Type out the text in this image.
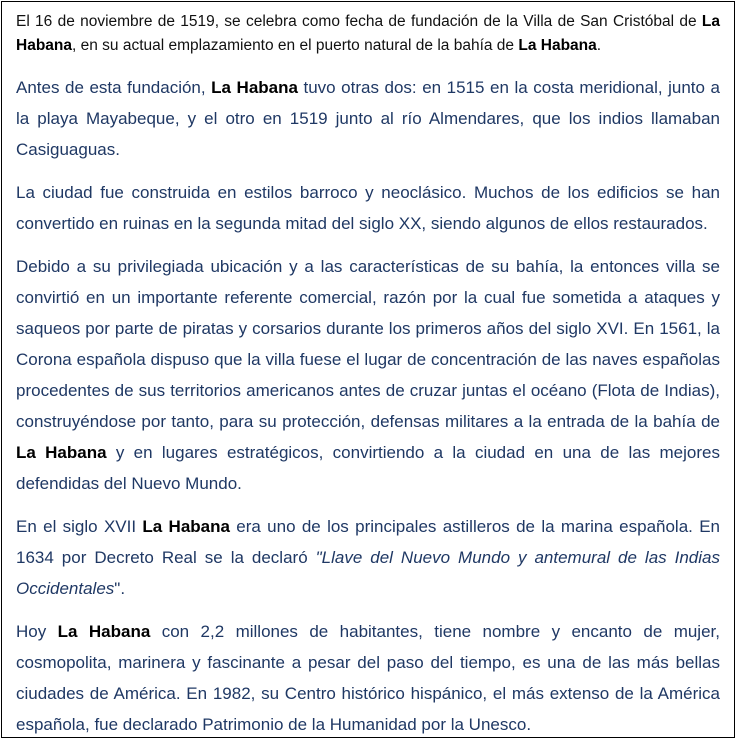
El 16 de noviembre de 1519, se celebra como fecha de fundación de la Villa de San Cristóbal de La Habana, en su actual emplazamiento en el puerto natural de la bahía de La Habana.

Antes de esta fundación, La Habana tuvo otras dos: en 1515 en la costa meridional, junto a la playa Mayabeque, y el otro en 1519 junto al río Almendares, que los indios llamaban Casiguaguas.

La ciudad fue construida en estilos barroco y neoclásico. Muchos de los edificios se han convertido en ruinas en la segunda mitad del siglo XX, siendo algunos de ellos restaurados.

Debido a su privilegiada ubicación y a las características de su bahía, la entonces villa se convirtió en un importante referente comercial, razón por la cual fue sometida a ataques y saqueos por parte de piratas y corsarios durante los primeros años del siglo XVI. En 1561, la Corona española dispuso que la villa fuese el lugar de concentración de las naves españolas procedentes de sus territorios americanos antes de cruzar juntas el océano (Flota de Indias), construyéndose por tanto, para su protección, defensas militares a la entrada de la bahía de La Habana y en lugares estratégicos, convirtiendo a la ciudad en una de las mejores defendidas del Nuevo Mundo.

En el siglo XVII La Habana era uno de los principales astilleros de la marina española. En 1634 por Decreto Real se la declaró "Llave del Nuevo Mundo y antemural de las Indias Occidentales".

Hoy La Habana con 2,2 millones de habitantes, tiene nombre y encanto de mujer, cosmopolita, marinera y fascinante a pesar del paso del tiempo, es una de las más bellas ciudades de América. En 1982, su Centro histórico hispánico, el más extenso de la América española, fue declarado Patrimonio de la Humanidad por la Unesco.
